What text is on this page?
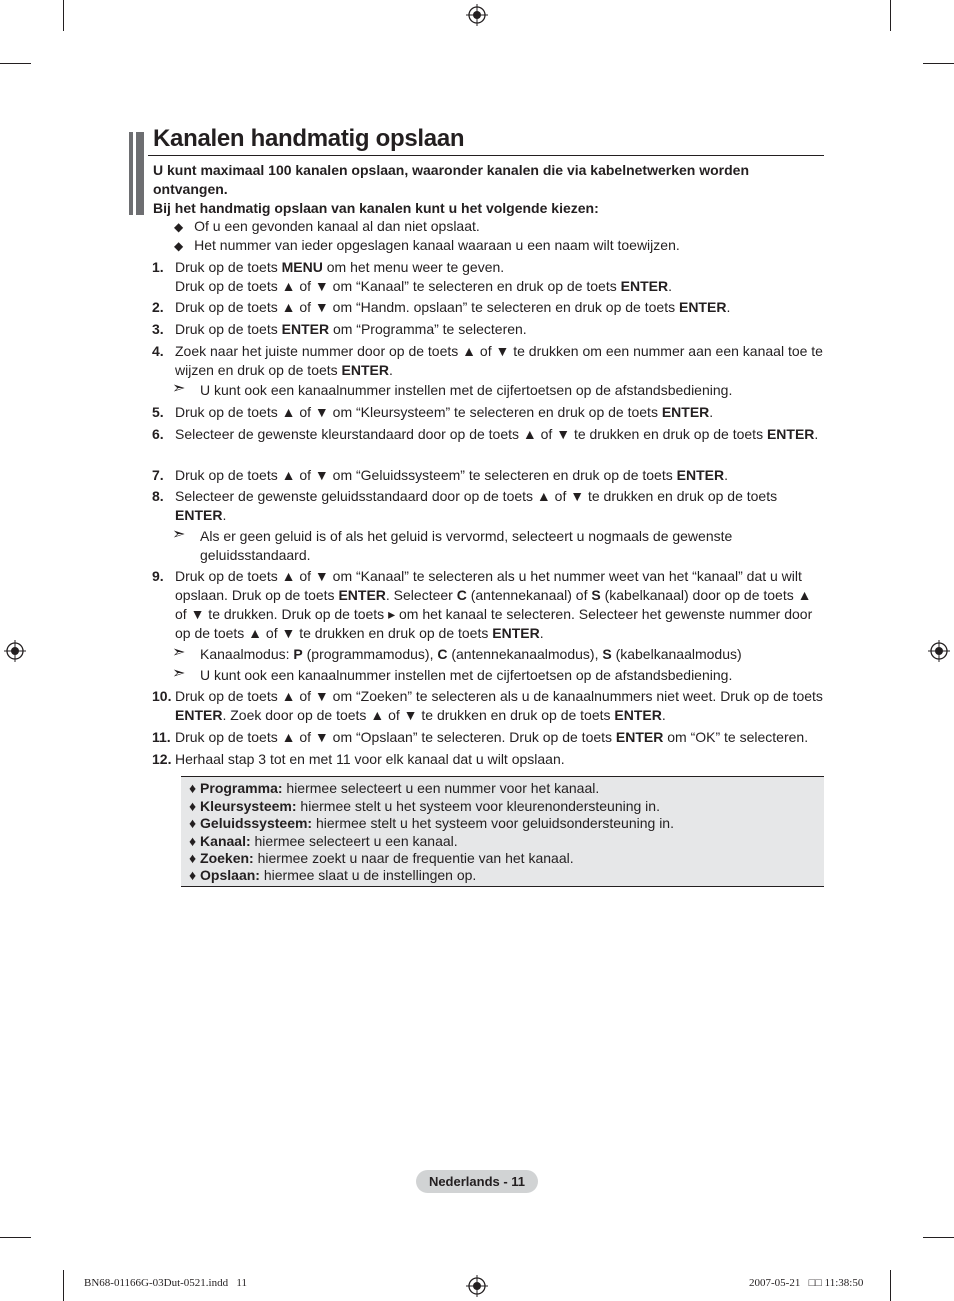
Kanalen handmatig opslaan
U kunt maximaal 100 kanalen opslaan, waaronder kanalen die via kabelnetwerken worden ontvangen.
Bij het handmatig opslaan van kanalen kunt u het volgende kiezen:
◆ Of u een gevonden kanaal al dan niet opslaat.
◆ Het nummer van ieder opgeslagen kanaal waaraan u een naam wilt toewijzen.
1. Druk op de toets MENU om het menu weer te geven.
Druk op de toets ▲ of ▼ om “Kanaal” te selecteren en druk op de toets ENTER.
2. Druk op de toets ▲ of ▼ om “Handm. opslaan” te selecteren en druk op de toets ENTER.
3. Druk op de toets ENTER om “Programma” te selecteren.
4. Zoek naar het juiste nummer door op de toets ▲ of ▼ te drukken om een nummer aan een kanaal toe te wijzen en druk op de toets ENTER.
➣ U kunt ook een kanaalnummer instellen met de cijfertoetsen op de afstandsbediening.
5. Druk op de toets ▲ of ▼ om “Kleursysteem” te selecteren en druk op de toets ENTER.
6. Selecteer de gewenste kleurstandaard door op de toets ▲ of ▼ te drukken en druk op de toets ENTER.
7. Druk op de toets ▲ of ▼ om “Geluidssysteem” te selecteren en druk op de toets ENTER.
8. Selecteer de gewenste geluidsstandaard door op de toets ▲ of ▼ te drukken en druk op de toets ENTER.
➣ Als er geen geluid is of als het geluid is vervormd, selecteert u nogmaals de gewenste geluidsstandaard.
9. Druk op de toets ▲ of ▼ om “Kanaal” te selecteren als u het nummer weet van het “kanaal” dat u wilt opslaan. Druk op de toets ENTER. Selecteer C (antennekanaal) of S (kabelkanaal) door op de toets ▲ of ▼ te drukken. Druk op de toets ▸ om het kanaal te selecteren. Selecteer het gewenste nummer door op de toets ▲ of ▼ te drukken en druk op de toets ENTER.
➣ Kanaalmodus: P (programmamodus), C (antennekanaalmodus), S (kabelkanaalmodus)
➣ U kunt ook een kanaalnummer instellen met de cijfertoetsen op de afstandsbediening.
10. Druk op de toets ▲ of ▼ om “Zoeken” te selecteren als u de kanaalnummers niet weet. Druk op de toets ENTER. Zoek door op de toets ▲ of ▼ te drukken en druk op de toets ENTER.
11. Druk op de toets ▲ of ▼ om “Opslaan” te selecteren. Druk op de toets ENTER om “OK” te selecteren.
12. Herhaal stap 3 tot en met 11 voor elk kanaal dat u wilt opslaan.
♦ Programma: hiermee selecteert u een nummer voor het kanaal.
♦ Kleursysteem: hiermee stelt u het systeem voor kleurenondersteuning in.
♦ Geluidssysteem: hiermee stelt u het systeem voor geluidsondersteuning in.
♦ Kanaal: hiermee selecteert u een kanaal.
♦ Zoeken: hiermee zoekt u naar de frequentie van het kanaal.
♦ Opslaan: hiermee slaat u de instellingen op.
Nederlands - 11
BN68-01166G-03Dut-0521.indd   11	2007-05-21   □□ 11:38:50
